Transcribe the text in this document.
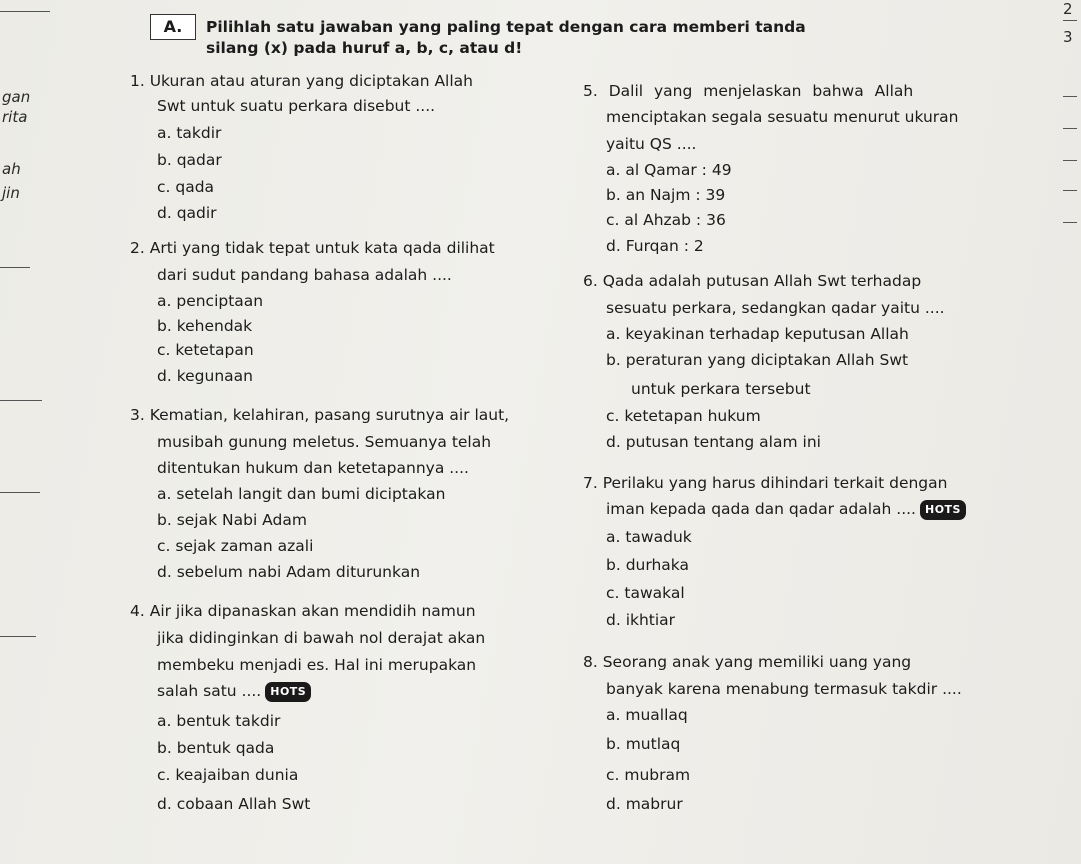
gan
rita
ah
jin
2
3
A.	Pilihlah satu jawaban yang paling tepat dengan cara memberi tanda
silang (x) pada huruf a, b, c, atau d!
1. Ukuran atau aturan yang diciptakan Allah
Swt untuk suatu perkara disebut ....
a. takdir
b. qadar
c. qada
d. qadir
2. Arti yang tidak tepat untuk kata qada dilihat
dari sudut pandang bahasa adalah ....
a. penciptaan
b. kehendak
c. ketetapan
d. kegunaan
3. Kematian, kelahiran, pasang surutnya air laut,
musibah gunung meletus. Semuanya telah
ditentukan hukum dan ketetapannya ....
a. setelah langit dan bumi diciptakan
b. sejak Nabi Adam
c. sejak zaman azali
d. sebelum nabi Adam diturunkan
4. Air jika dipanaskan akan mendidih namun
jika didinginkan di bawah nol derajat akan
membeku menjadi es. Hal ini merupakan
salah satu .... HOTS
a. bentuk takdir
b. bentuk qada
c. keajaiban dunia
d. cobaan Allah Swt
5. Dalil yang menjelaskan bahwa Allah
menciptakan segala sesuatu menurut ukuran
yaitu QS ....
a. al Qamar : 49
b. an Najm : 39
c. al Ahzab : 36
d. Furqan : 2
6. Qada adalah putusan Allah Swt terhadap
sesuatu perkara, sedangkan qadar yaitu ....
a. keyakinan terhadap keputusan Allah
b. peraturan yang diciptakan Allah Swt
untuk perkara tersebut
c. ketetapan hukum
d. putusan tentang alam ini
7. Perilaku yang harus dihindari terkait dengan
iman kepada qada dan qadar adalah .... HOTS
a. tawaduk
b. durhaka
c. tawakal
d. ikhtiar
8. Seorang anak yang memiliki uang yang
banyak karena menabung termasuk takdir ....
a. muallaq
b. mutlaq
c. mubram
d. mabrur
